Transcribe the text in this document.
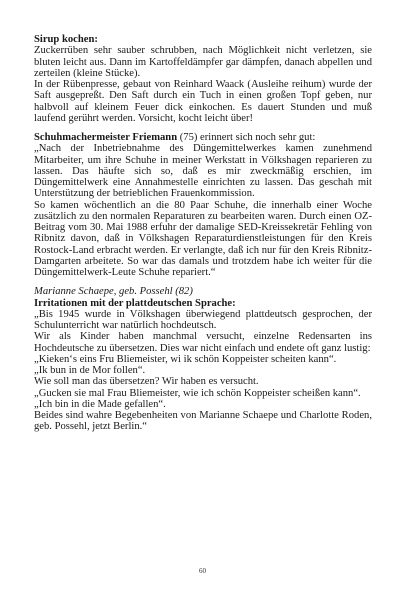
Sirup kochen:

Zuckerrüben sehr sauber schrubben, nach Möglichkeit nicht verletzen, sie bluten leicht aus. Dann im Kartoffeldämpfer gar dämpfen, danach abpellen und zerteilen (kleine Stücke).

In der Rübenpresse, gebaut von Reinhard Waack (Ausleihe reihum) wurde der Saft ausgepreßt. Den Saft durch ein Tuch in einen großen Topf geben, nur halbvoll auf kleinem Feuer dick einkochen. Es dauert Stunden und muß laufend gerührt werden. Vorsicht, kocht leicht über!

Schuhmachermeister Friemann (75) erinnert sich noch sehr gut:

„Nach der Inbetriebnahme des Düngemittelwerkes kamen zunehmend Mitarbeiter, um ihre Schuhe in meiner Werkstatt in Völkshagen reparieren zu lassen. Das häufte sich so, daß es mir zweckmäßig erschien, im Düngemittelwerk eine Annahmestelle einrichten zu lassen. Das geschah mit Unterstützung der betrieblichen Frauenkommission.

So kamen wöchentlich an die 80 Paar Schuhe, die innerhalb einer Woche zusätzlich zu den normalen Reparaturen zu bearbeiten waren. Durch einen OZ-Beitrag vom 30. Mai 1988 erfuhr der damalige SED-Kreissekretär Fehling von Ribnitz davon, daß in Völkshagen Reparaturdienstleistungen für den Kreis Rostock-Land erbracht werden. Er verlangte, daß ich nur für den Kreis Ribnitz-Damgarten arbeitete. So war das damals und trotzdem habe ich weiter für die Düngemittelwerk-Leute Schuhe repariert.“

Marianne Schaepe, geb. Possehl (82)
Irritationen mit der plattdeutschen Sprache:

„Bis 1945 wurde in Völkshagen überwiegend plattdeutsch gesprochen, der Schulunterricht war natürlich hochdeutsch.

Wir als Kinder haben manchmal versucht, einzelne Redensarten ins Hochdeutsche zu übersetzen. Dies war nicht einfach und endete oft ganz lustig:

„Kieken‘s eins Fru Bliemeister, wi ik schön Koppeister scheiten kann“.

„Ik bun in de Mor follen“.

Wie soll man das übersetzen? Wir haben es versucht.

„Gucken sie mal Frau Bliemeister, wie ich schön Koppeister scheißen kann“.

„Ich bin in die Made gefallen“.

Beides sind wahre Begebenheiten von Marianne Schaepe und Charlotte Roden, geb. Possehl, jetzt Berlin.“

60
